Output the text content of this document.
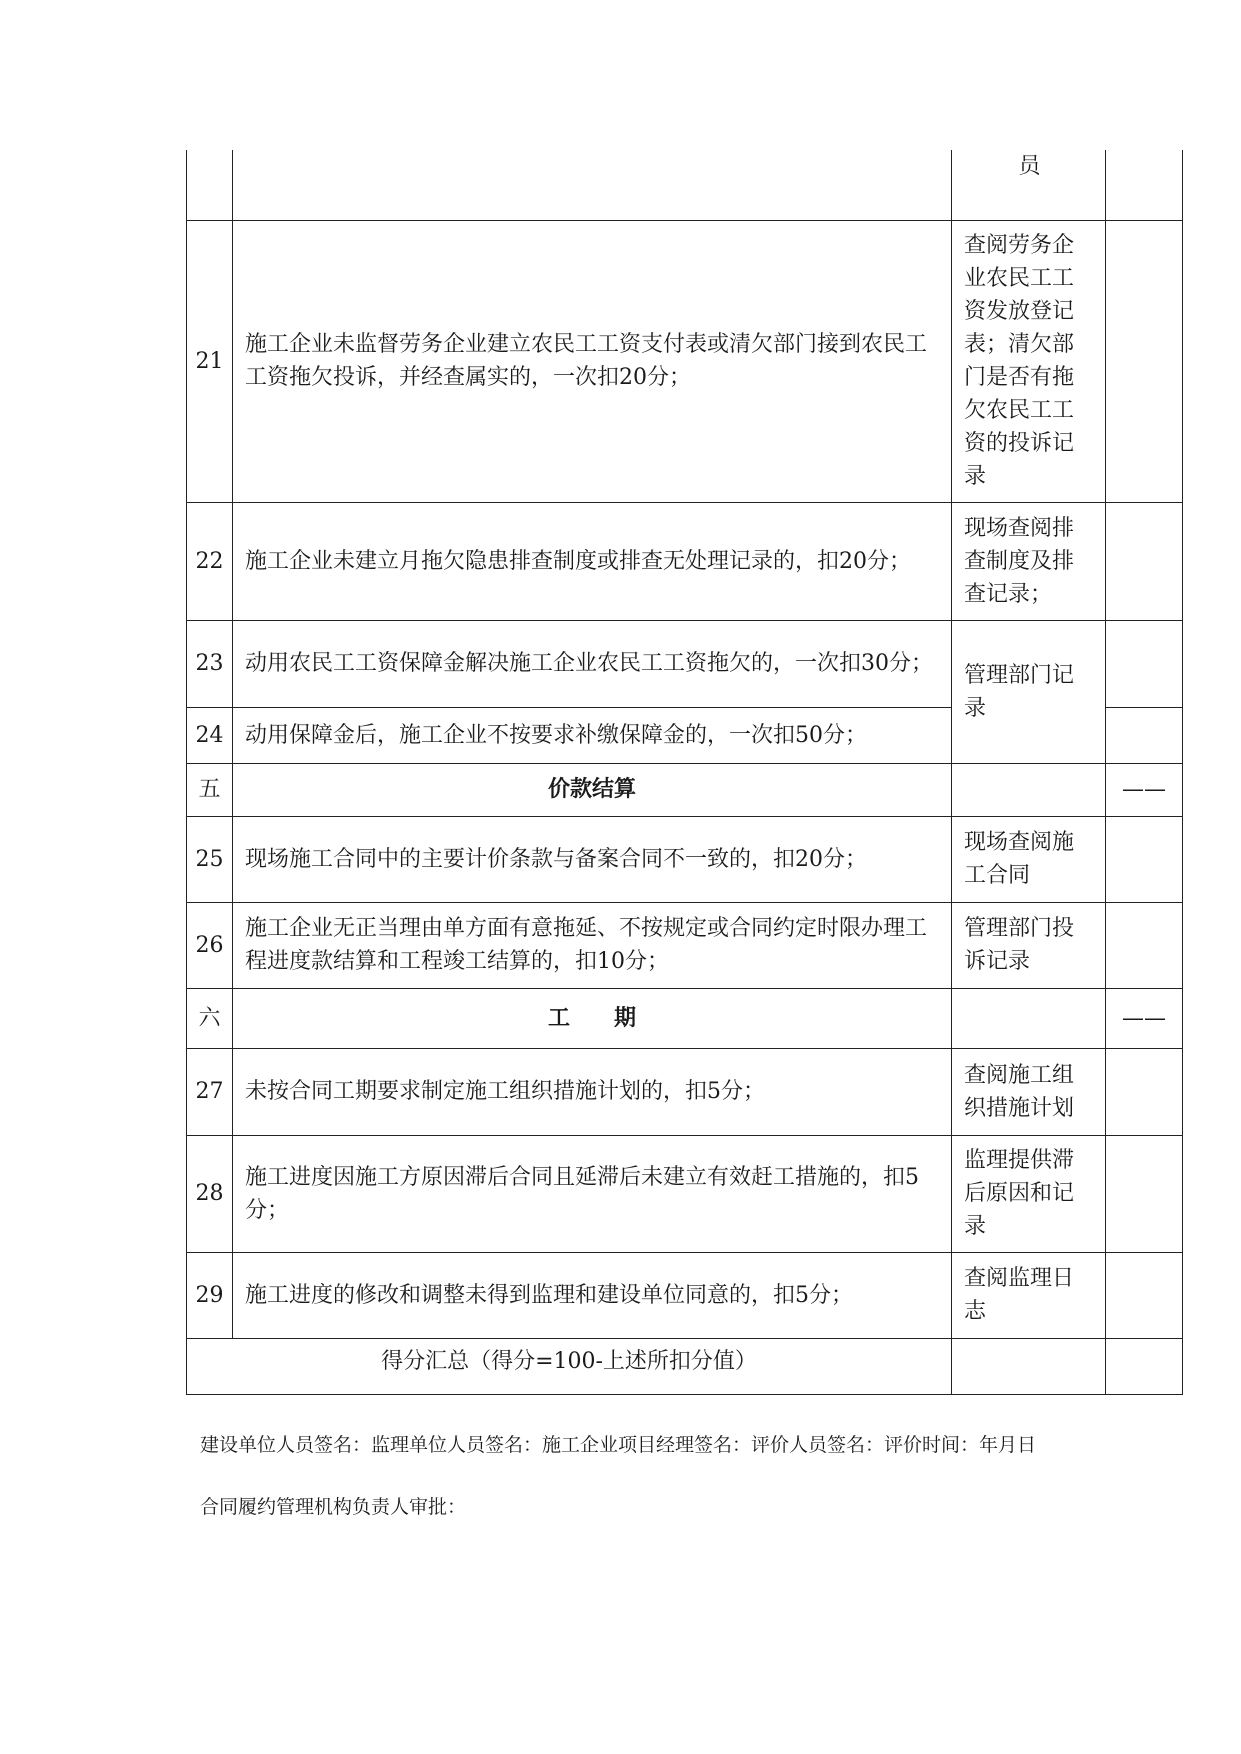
		员	
21	施工企业未监督劳务企业建立农民工工资支付表或清欠部门接到农民工工资拖欠投诉，并经查属实的，一次扣20分；	查阅劳务企业农民工工资发放登记表；清欠部门是否有拖欠农民工工资的投诉记录	
22	施工企业未建立月拖欠隐患排查制度或排查无处理记录的，扣20分；	现场查阅排查制度及排查记录；	
23	动用农民工工资保障金解决施工企业农民工工资拖欠的，一次扣30分；	管理部门记录	
24	动用保障金后，施工企业不按要求补缴保障金的，一次扣50分；		
五	价款结算		——
25	现场施工合同中的主要计价条款与备案合同不一致的，扣20分；	现场查阅施工合同	
26	施工企业无正当理由单方面有意拖延、不按规定或合同约定时限办理工程进度款结算和工程竣工结算的，扣10分；	管理部门投诉记录	
六	工　　期		——
27	未按合同工期要求制定施工组织措施计划的，扣5分；	查阅施工组织措施计划	
28	施工进度因施工方原因滞后合同且延滞后未建立有效赶工措施的，扣5分；	监理提供滞后原因和记录	
29	施工进度的修改和调整未得到监理和建设单位同意的，扣5分；	查阅监理日志	
得分汇总（得分=100-上述所扣分值）			
建设单位人员签名：监理单位人员签名：施工企业项目经理签名：评价人员签名：评价时间：年月日
合同履约管理机构负责人审批：
